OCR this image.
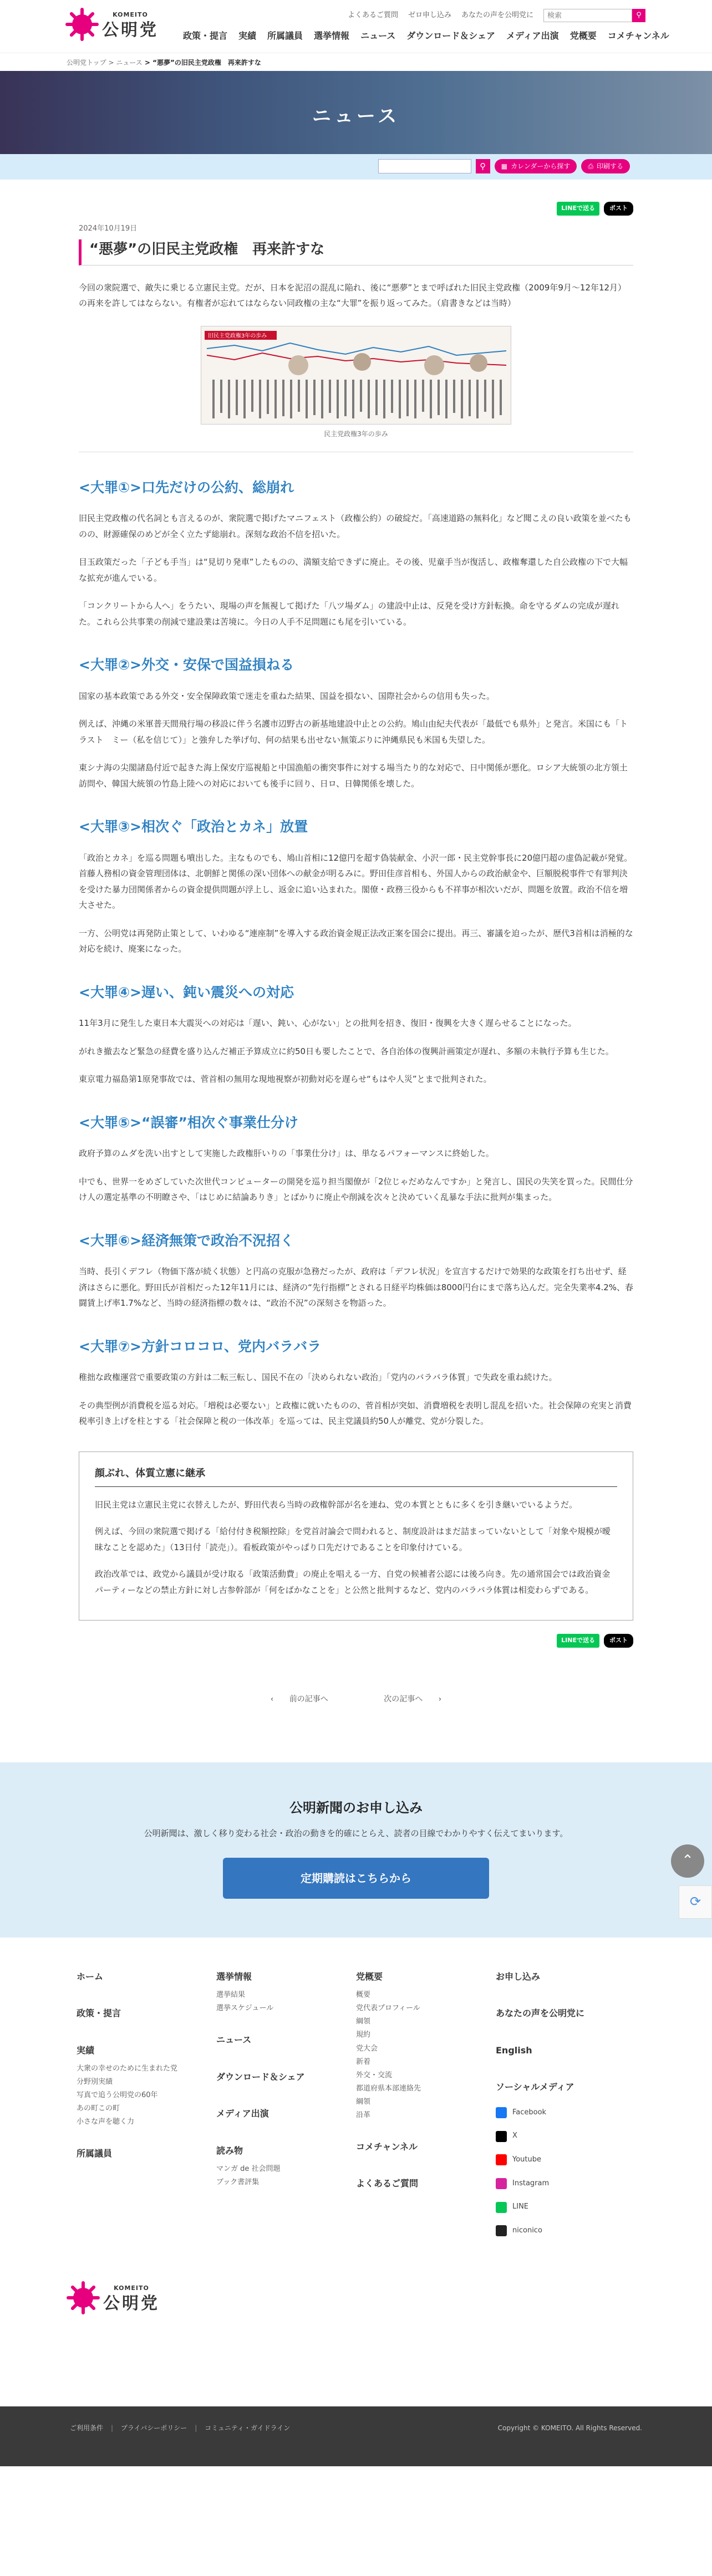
KOMEITO
公明党
よくあるご質問 ゼロ申し込み あなたの声を公明党に
検索	⚲
政策・提言 実績 所属議員 選挙情報 ニュース ダウンロード＆シェア メディア出演 党概要 コメチャンネル
公明党トップ > ニュース > “悪夢”の旧民主党政権　再来許すな
ニュース
⚲	▦ カレンダーから探す	⎙ 印刷する
LINEで送る	ポスト
2024年10月19日
“悪夢”の旧民主党政権　再来許すな

今回の衆院選で、敵失に乗じる立憲民主党。だが、日本を泥沼の混乱に陥れ、後に“悪夢”とまで呼ばれた旧民主党政権（2009年9月〜12年12月）の再来を許してはならない。有権者が忘れてはならない同政権の主な“大罪”を振り返ってみた。（肩書きなどは当時）

旧民主党政権3年の歩み
民主党政権3年の歩み
<大罪①>口先だけの公約、総崩れ

旧民主党政権の代名詞とも言えるのが、衆院選で掲げたマニフェスト（政権公約）の破綻だ。「高速道路の無料化」など聞こえの良い政策を並べたものの、財源確保のめどが全く立たず総崩れ。深刻な政治不信を招いた。

目玉政策だった「子ども手当」は“見切り発車”したものの、満額支給できずに廃止。その後、児童手当が復活し、政権奪還した自公政権の下で大幅な拡充が進んでいる。

「コンクリートから人へ」をうたい、現場の声を無視して掲げた「八ツ場ダム」の建設中止は、反発を受け方針転換。命を守るダムの完成が遅れた。これら公共事業の削減で建設業は苦境に。今日の人手不足問題にも尾を引いている。

<大罪②>外交・安保で国益損ねる

国家の基本政策である外交・安全保障政策で迷走を重ねた結果、国益を損ない、国際社会からの信用も失った。

例えば、沖縄の米軍普天間飛行場の移設に伴う名護市辺野古の新基地建設中止との公約。鳩山由紀夫代表が「最低でも県外」と発言。米国にも「トラスト　ミー（私を信じて）」と強弁した挙げ句、何の結果も出せない無策ぶりに沖縄県民も米国も失望した。

東シナ海の尖閣諸島付近で起きた海上保安庁巡視船と中国漁船の衝突事件に対する場当たり的な対応で、日中関係が悪化。ロシア大統領の北方領土訪問や、韓国大統領の竹島上陸への対応においても後手に回り、日ロ、日韓関係を壊した。

<大罪③>相次ぐ「政治とカネ」放置

「政治とカネ」を巡る問題も噴出した。主なものでも、鳩山首相に12億円を超す偽装献金、小沢一郎・民主党幹事長に20億円超の虚偽記載が発覚。首藤人務相の資金管理団体は、北朝鮮と関係の深い団体への献金が明るみに。野田佳彦首相も、外国人からの政治献金や、巨額脱税事件で有罪判決を受けた暴力団関係者からの資金提供問題が浮上し、返金に追い込まれた。閣僚・政務三役からも不祥事が相次いだが、問題を放置。政治不信を増大させた。

一方、公明党は再発防止策として、いわゆる“連座制”を導入する政治資金規正法改正案を国会に提出。再三、審議を迫ったが、歴代3首相は消極的な対応を続け、廃案になった。

<大罪④>遅い、鈍い震災への対応

11年3月に発生した東日本大震災への対応は「遅い、鈍い、心がない」との批判を招き、復旧・復興を大きく遅らせることになった。

がれき撤去など緊急の経費を盛り込んだ補正予算成立に約50日も要したことで、各自治体の復興計画策定が遅れ、多額の未執行予算も生じた。

東京電力福島第1原発事故では、菅首相の無用な現地視察が初動対応を遅らせ“もはや人災”とまで批判された。

<大罪⑤>“誤審”相次ぐ事業仕分け

政府予算のムダを洗い出すとして実施した政権肝いりの「事業仕分け」は、単なるパフォーマンスに終始した。

中でも、世界一をめざしていた次世代コンピューターの開発を巡り担当閣僚が「2位じゃだめなんですか」と発言し、国民の失笑を買った。民間仕分け人の選定基準の不明瞭さや、「はじめに結論ありき」とばかりに廃止や削減を次々と決めていく乱暴な手法に批判が集まった。

<大罪⑥>経済無策で政治不況招く

当時、長引くデフレ（物価下落が続く状態）と円高の克服が急務だったが、政府は「デフレ状況」を宣言するだけで効果的な政策を打ち出せず、経済はさらに悪化。野田氏が首相だった12年11月には、経済の“先行指標”とされる日経平均株価は8000円台にまで落ち込んだ。完全失業率4.2%、春闘賃上げ率1.7%など、当時の経済指標の数々は、“政治不況”の深刻さを物語った。

<大罪⑦>方針コロコロ、党内バラバラ

稚拙な政権運営で重要政策の方針は二転三転し、国民不在の「決められない政治」「党内のバラバラ体質」で失政を重ね続けた。

その典型例が消費税を巡る対応。「増税は必要ない」と政権に就いたものの、菅首相が突如、消費増税を表明し混乱を招いた。社会保障の充実と消費税率引き上げを柱とする「社会保障と税の一体改革」を巡っては、民主党議員約50人が離党、党が分裂した。

顔ぶれ、体質立憲に継承

旧民主党は立憲民主党に衣替えしたが、野田代表ら当時の政権幹部が名を連ね、党の本質とともに多くを引き継いでいるようだ。

例えば、今回の衆院選で掲げる「給付付き税額控除」を党首討論会で問われると、制度設計はまだ詰まっていないとして「対象や規模が曖昧なことを認めた」（13日付「読売」）。看板政策がやっぱり口先だけであることを印象付けている。

政治改革では、政党から議員が受け取る「政策活動費」の廃止を唱える一方、自党の候補者公認には後ろ向き。先の通常国会では政治資金パーティーなどの禁止方針に対し古参幹部が「何をばかなことを」と公然と批判するなど、党内のバラバラ体質は相変わらずである。

LINEで送る	ポスト
‹ 前の記事へ	次の記事へ ›
公明新聞のお申し込み

公明新聞は、激しく移り変わる社会・政治の動きを的確にとらえ、読者の目線でわかりやすく伝えてまいります。

定期購読はこちらから
⌃
⟳
ホーム
政策・提言
実績
大衆の幸せのために生まれた党
分野別実績
写真で追う公明党の60年
あの町この町
小さな声を聴く力
所属議員
選挙情報
選挙結果
選挙スケジュール
ニュース
ダウンロード＆シェア
メディア出演
読み物
マンガ de 社会問題
ブック書評集
党概要
概要
党代表プロフィール
綱領
規約
党大会
新着
外交・交流
都道府県本部連絡先
綱領
沿革
コメチャンネル
よくあるご質問
お申し込み
あなたの声を公明党に
English
ソーシャルメディア
Facebook
X
Youtube
Instagram
LINE
niconico
KOMEITO
公明党
ご利用条件	| プライバシーポリシー	| コミュニティ・ガイドライン	Copyright © KOMEITO. All Rights Reserved.
